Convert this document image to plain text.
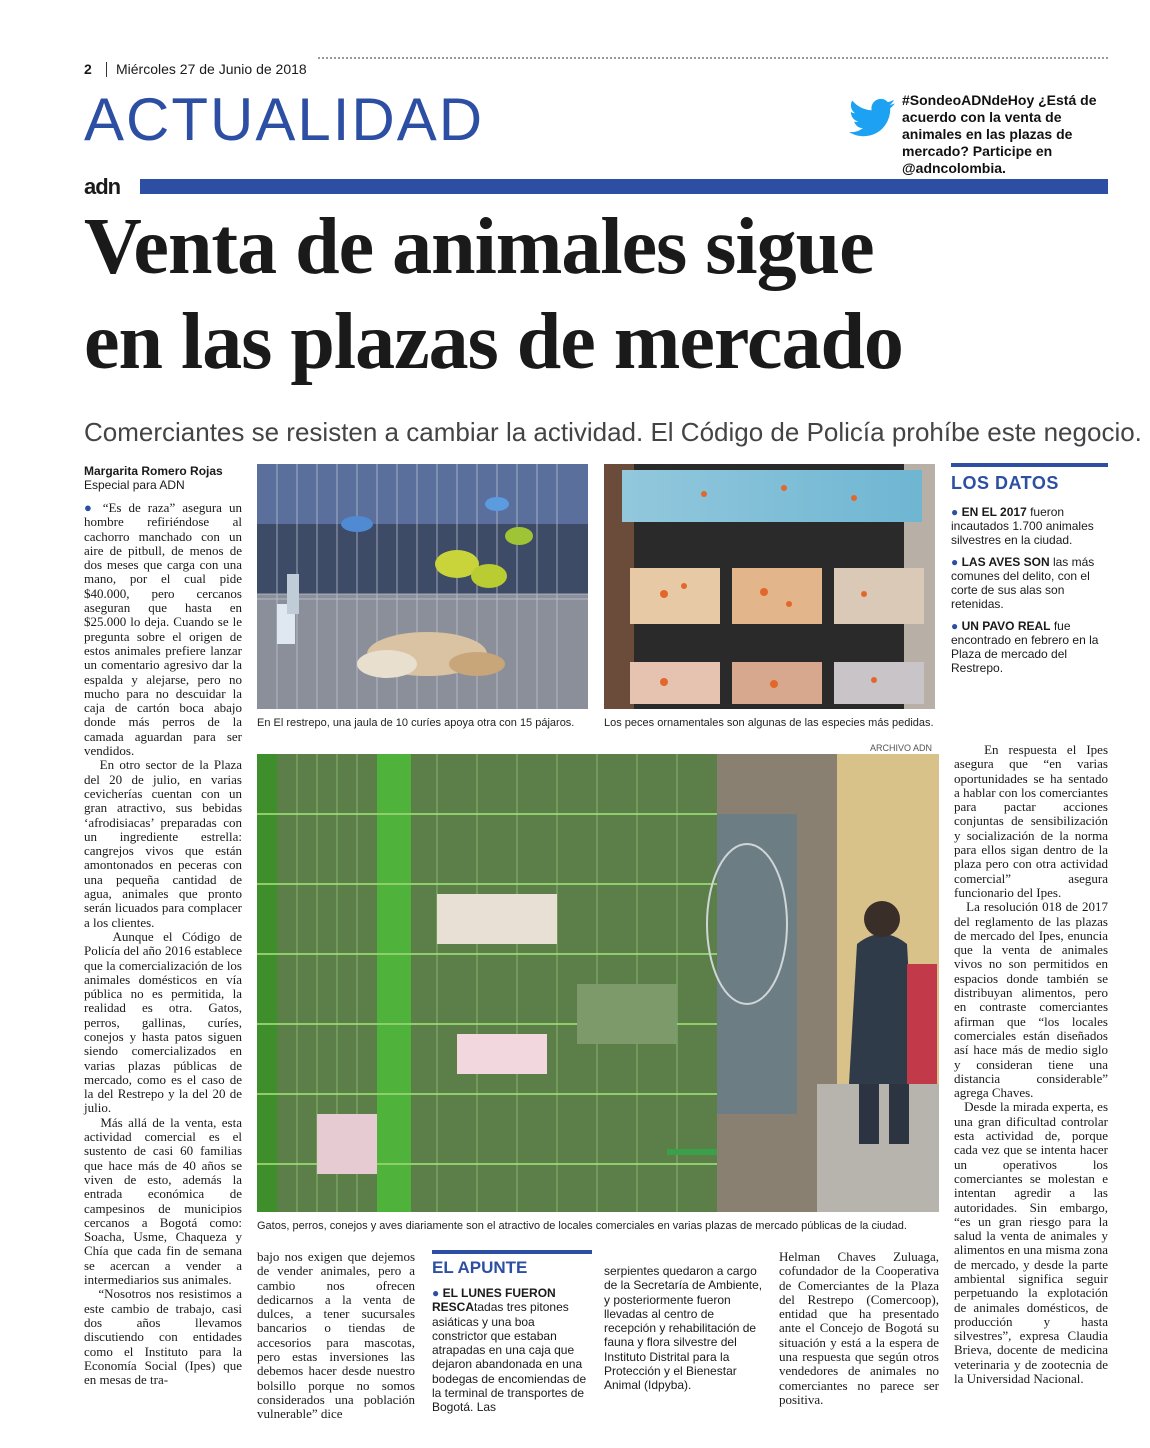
2 Miércoles 27 de Junio de 2018
ACTUALIDAD	#SondeoADNdeHoy ¿Está de acuerdo con la venta de animales en las plazas de mercado? Participe en @adncolombia.
adn
Venta de animales sigue
en las plazas de mercado
Comerciantes se resisten a cambiar la actividad. El Código de Policía prohíbe este negocio.
Margarita Romero Rojas
Especial para ADN

● “Es de raza” asegura un hombre refiriéndose al cachorro manchado con un aire de pitbull, de menos de dos meses que carga con una mano, por el cual pide $40.000, pero cercanos aseguran que hasta en $25.000 lo deja. Cuando se le pregunta sobre el origen de estos animales prefiere lanzar un comentario agresivo dar la espalda y alejarse, pero no mucho para no descuidar la caja de cartón boca abajo donde más perros de la camada aguardan para ser vendidos.

En otro sector de la Plaza del 20 de julio, en varias cevicherías cuentan con un gran atractivo, sus bebidas ‘afrodisiacas’ preparadas con un ingrediente estrella: cangrejos vivos que están amontonados en peceras con una pequeña cantidad de agua, animales que pronto serán licuados para complacer a los clientes.

Aunque el Código de Policía del año 2016 establece que la comercialización de los animales domésticos en vía pública no es permitida, la realidad es otra. Gatos, perros, gallinas, curíes, conejos y hasta patos siguen siendo comercializados en varias plazas públicas de mercado, como es el caso de la del Restrepo y la del 20 de julio.

Más allá de la venta, esta actividad comercial es el sustento de casi 60 familias que hace más de 40 años se viven de esto, además la entrada económica de campesinos de municipios cercanos a Bogotá como: Soacha, Usme, Chaqueza y Chía que cada fin de semana se acercan a vender a intermediarios sus animales.

“Nosotros nos resistimos a este cambio de trabajo, casi dos años llevamos discutiendo con entidades como el Instituto para la Economía Social (Ipes) que en mesas de tra-

En El restrepo, una jaula de 10 curíes apoya otra con 15 pájaros.	Los peces ornamentales son algunas de las especies más pedidas.
LOS DATOS

● EN EL 2017 fueron incautados 1.700 animales silvestres en la ciudad.

● LAS AVES SON las más comunes del delito, con el corte de sus alas son retenidas.

● UN PAVO REAL fue encontrado en febrero en la Plaza de mercado del Restrepo.

ARCHIVO ADN
Gatos, perros, conejos y aves diariamente son el atractivo de locales comerciales en varias plazas de mercado públicas de la ciudad.

bajo nos exigen que dejemos de vender animales, pero a cambio nos ofrecen dedicarnos a la venta de dulces, a tener sucursales bancarios o tiendas de accesorios para mascotas, pero estas inversiones las debemos hacer desde nuestro bolsillo porque no somos considerados una población vulnerable” dice

EL APUNTE
● EL LUNES FUERON RESCAtadas tres pitones asiáticas y una boa constrictor que estaban atrapadas en una caja que dejaron abandonada en una bodegas de encomiendas de la terminal de transportes de Bogotá. Las
serpientes quedaron a cargo de la Secretaría de Ambiente, y posteriormente fueron llevadas al centro de recepción y rehabilitación de fauna y flora silvestre del Instituto Distrital para la Protección y el Bienestar Animal (Idpyba).

Helman Chaves Zuluaga, cofundador de la Cooperativa de Comerciantes de la Plaza del Restrepo (Comercoop), entidad que ha presentado ante el Concejo de Bogotá su situación y está a la espera de una respuesta que según otros vendedores de animales no comerciantes no parece ser positiva.

En respuesta el Ipes asegura que “en varias oportunidades se ha sentado a hablar con los comerciantes para pactar acciones conjuntas de sensibilización y socialización de la norma para ellos sigan dentro de la plaza pero con otra actividad comercial” asegura funcionario del Ipes.

La resolución 018 de 2017 del reglamento de las plazas de mercado del Ipes, enuncia que la venta de animales vivos no son permitidos en espacios donde también se distribuyan alimentos, pero en contraste comerciantes afirman que “los locales comerciales están diseñados así hace más de medio siglo y consideran tiene una distancia considerable” agrega Chaves.

Desde la mirada experta, es una gran dificultad controlar esta actividad de, porque cada vez que se intenta hacer un operativos los comerciantes se molestan e intentan agredir a las autoridades. Sin embargo, “es un gran riesgo para la salud la venta de animales y alimentos en una misma zona de mercado, y desde la parte ambiental significa seguir perpetuando la explotación de animales domésticos, de producción y hasta silvestres”, expresa Claudia Brieva, docente de medicina veterinaria y de zootecnia de la Universidad Nacional.
